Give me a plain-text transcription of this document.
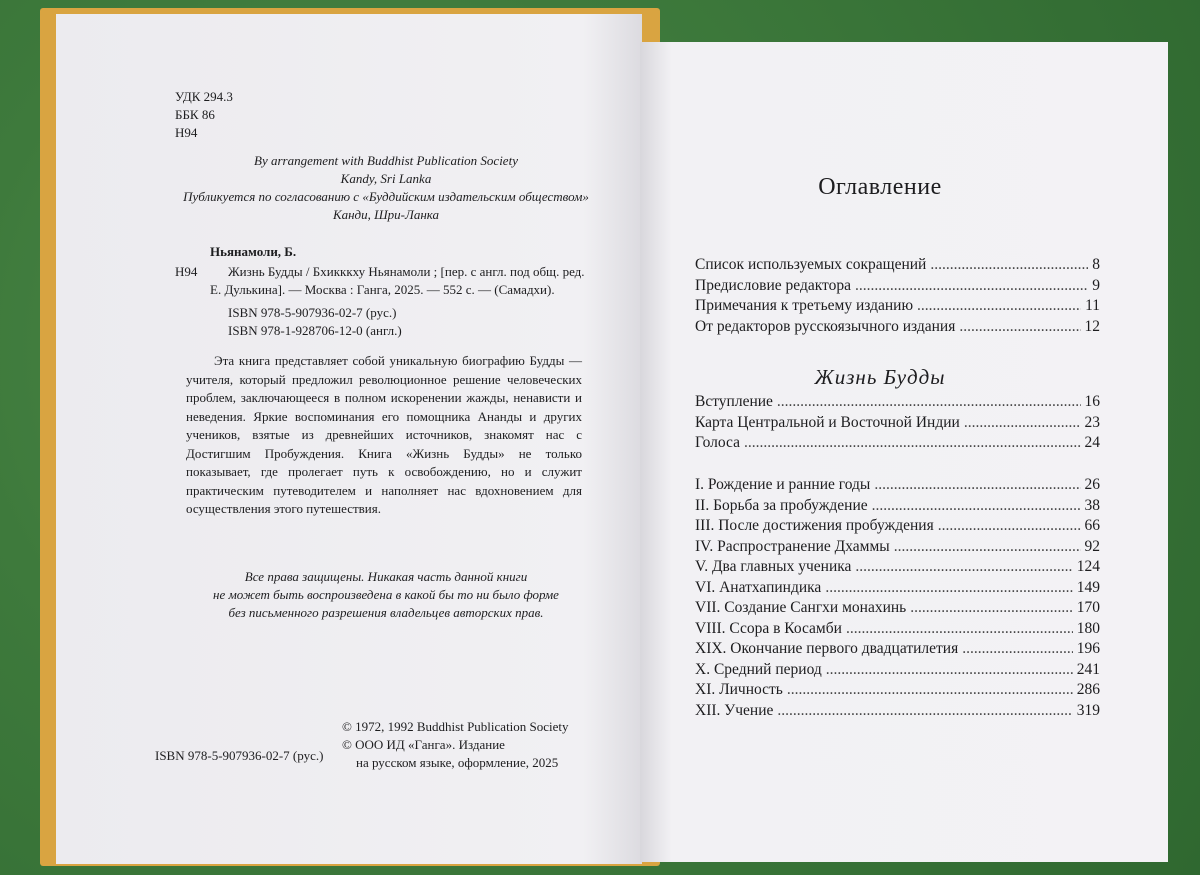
УДК 294.3
ББК 86
Н94
By arrangement with Buddhist Publication Society
Kandy, Sri Lanka
Публикуется по согласованию с «Буддийским издательским обществом»
Канди, Шри-Ланка
Ньянамоли, Б.
Н94 Жизнь Будды / Бхикккху Ньянамоли ; [пер. с англ. под общ. ред.
Е. Дулькина]. — Москва : Ганга, 2025. — 552 с. — (Самадхи).
ISBN 978-5-907936-02-7 (рус.)
ISBN 978-1-928706-12-0 (англ.)
Эта книга представляет собой уникальную биографию Будды — учителя, который предложил революционное решение человеческих проблем, заключающееся в полном искоренении жажды, ненависти и неведения. Яркие воспоминания его помощника Ананды и других учеников, взятые из древнейших источников, знакомят нас с Достигшим Пробуждения. Книга «Жизнь Будды» не только показывает, где пролегает путь к освобождению, но и служит практическим путеводителем и наполняет нас вдохновением для осуществления этого путешествия.
Все права защищены. Никакая часть данной книги
не может быть воспроизведена в какой бы то ни было форме
без письменного разрешения владельцев авторских прав.
ISBN 978-5-907936-02-7 (рус.)
© 1972, 1992 Buddhist Publication Society
© ООО ИД «Ганга». Издание
на русском языке, оформление, 2025
Оглавление
Список используемых сокращений .....	8
Предисловие редактора .....	9
Примечания к третьему изданию .....	11
От редакторов русскоязычного издания .....	12
Жизнь Будды
Вступление .....	16
Карта Центральной и Восточной Индии .....	23
Голоса .....	24
I. Рождение и ранние годы .....	26
II. Борьба за пробуждение .....	38
III. После достижения пробуждения .....	66
IV. Распространение Дхаммы .....	92
V. Два главных ученика .....	124
VI. Анатхапиндика .....	149
VII. Создание Сангхи монахинь .....	170
VIII. Ссора в Косамби .....	180
XIX. Окончание первого двадцатилетия .....	196
X. Средний период .....	241
XI. Личность .....	286
XII. Учение .....	319
